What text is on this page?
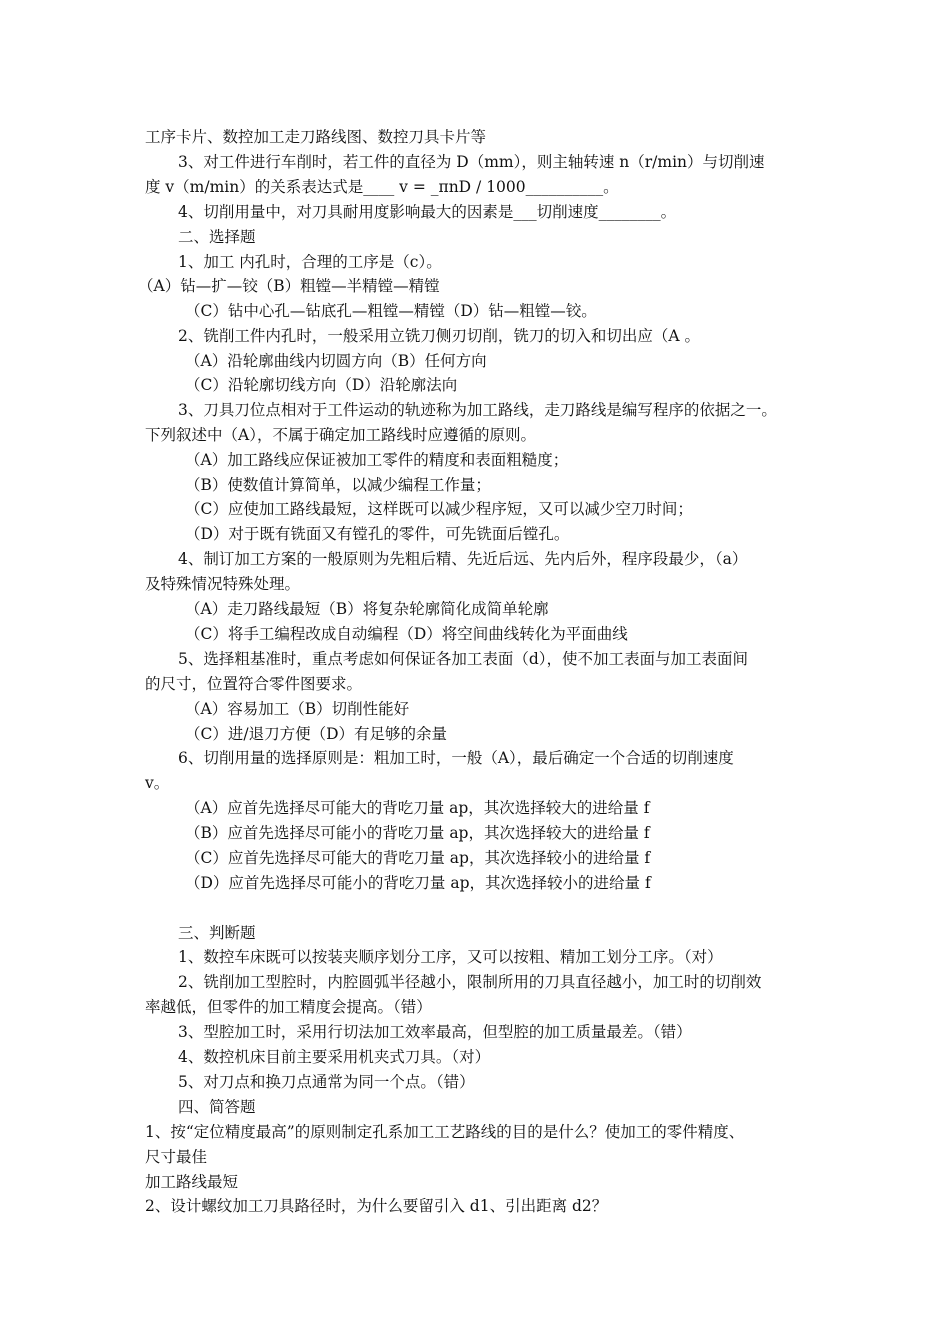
工序卡片、数控加工走刀路线图、数控刀具卡片等
3、对工件进行车削时，若工件的直径为 D（mm），则主轴转速 n（r/min）与切削速
度 v（m/min）的关系表达式是____ v = _πnD / 1000__________。
4、切削用量中，对刀具耐用度影响最大的因素是___切削速度________。
二、选择题
1、加工 内孔时，合理的工序是（c）。
（A）钻—扩—铰（B）粗镗—半精镗—精镗
（C）钻中心孔—钻底孔—粗镗—精镗（D）钻—粗镗—铰。
2、铣削工件内孔时，一般采用立铣刀侧刃切削，铣刀的切入和切出应（A 。
（A）沿轮廓曲线内切圆方向（B）任何方向
（C）沿轮廓切线方向（D）沿轮廓法向
3、刀具刀位点相对于工件运动的轨迹称为加工路线，走刀路线是编写程序的依据之一。
下列叙述中（A），不属于确定加工路线时应遵循的原则。
（A）加工路线应保证被加工零件的精度和表面粗糙度；
（B）使数值计算简单，以减少编程工作量；
（C）应使加工路线最短，这样既可以减少程序短，又可以减少空刀时间；
（D）对于既有铣面又有镗孔的零件，可先铣面后镗孔。
4、制订加工方案的一般原则为先粗后精、先近后远、先内后外，程序段最少，（a）
及特殊情况特殊处理。
（A）走刀路线最短（B）将复杂轮廓简化成简单轮廓
（C）将手工编程改成自动编程（D）将空间曲线转化为平面曲线
5、选择粗基准时，重点考虑如何保证各加工表面（d），使不加工表面与加工表面间
的尺寸，位置符合零件图要求。
（A）容易加工（B）切削性能好
（C）进/退刀方便（D）有足够的余量
6、切削用量的选择原则是：粗加工时，一般（A），最后确定一个合适的切削速度
v。
（A）应首先选择尽可能大的背吃刀量 ap，其次选择较大的进给量 f
（B）应首先选择尽可能小的背吃刀量 ap，其次选择较大的进给量 f
（C）应首先选择尽可能大的背吃刀量 ap，其次选择较小的进给量 f
（D）应首先选择尽可能小的背吃刀量 ap，其次选择较小的进给量 f
三、判断题
1、数控车床既可以按装夹顺序划分工序，又可以按粗、精加工划分工序。（对）
2、铣削加工型腔时，内腔圆弧半径越小，限制所用的刀具直径越小，加工时的切削效
率越低，但零件的加工精度会提高。（错）
3、型腔加工时，采用行切法加工效率最高，但型腔的加工质量最差。（错）
4、数控机床目前主要采用机夹式刀具。（对）
5、对刀点和换刀点通常为同一个点。（错）
四、简答题
1、按“定位精度最高”的原则制定孔系加工工艺路线的目的是什么？使加工的零件精度、
尺寸最佳
加工路线最短
2、设计螺纹加工刀具路径时，为什么要留引入 d1、引出距离 d2？
